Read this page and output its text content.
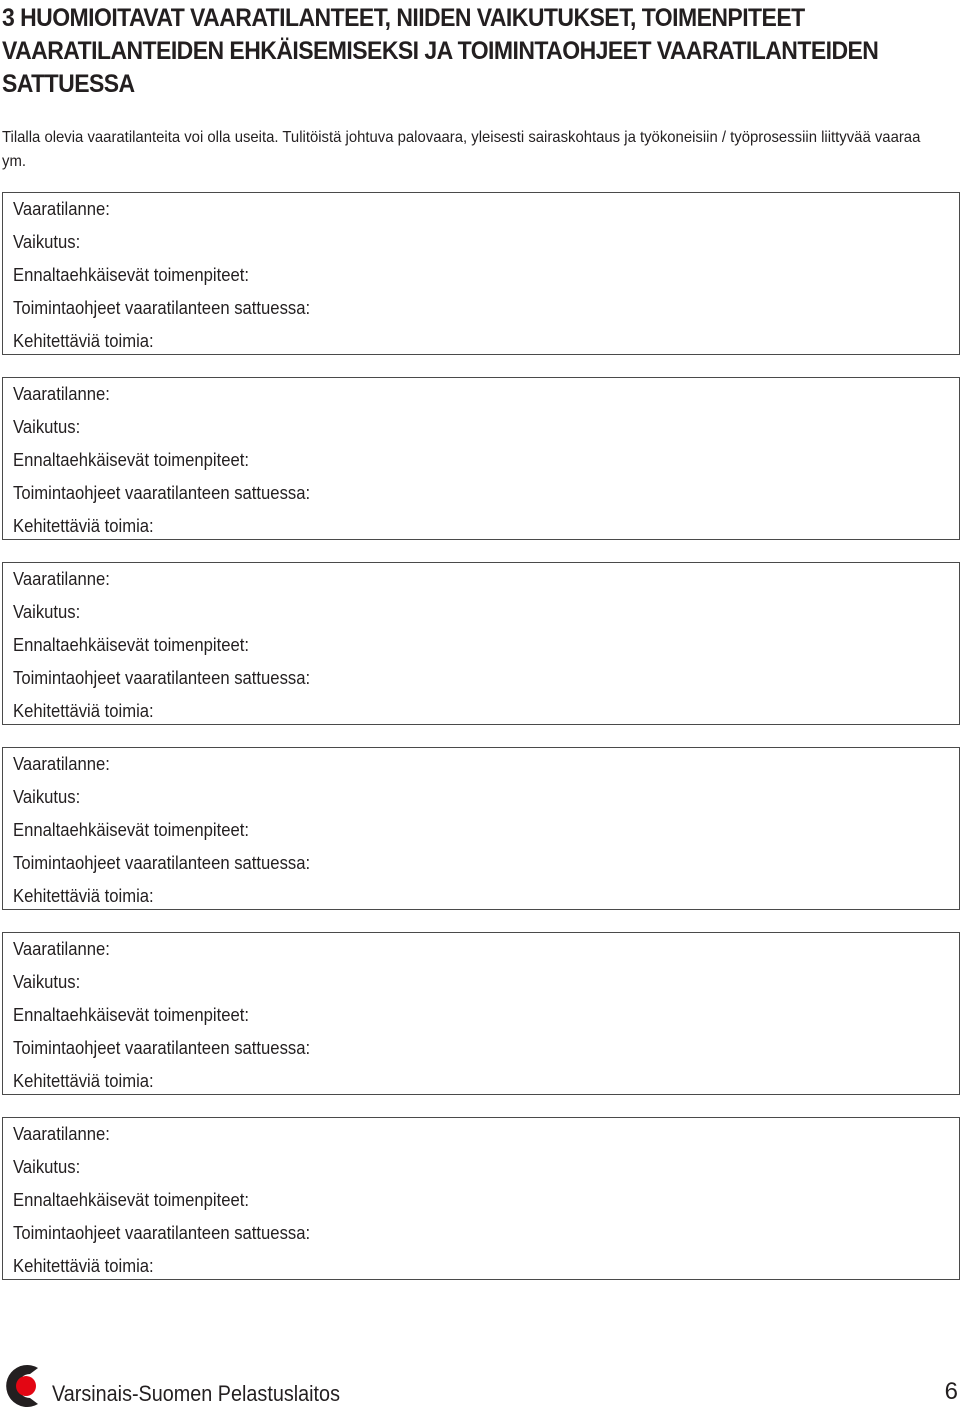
3 HUOMIOITAVAT VAARATILANTEET, NIIDEN VAIKUTUKSET, TOIMENPITEET
VAARATILANTEIDEN EHKÄISEMISEKSI JA TOIMINTAOHJEET VAARATILANTEIDEN
SATTUESSA

Tilalla olevia vaaratilanteita voi olla useita. Tulitöistä johtuva palovaara, yleisesti sairaskohtaus ja työkoneisiin / työprosessiin liittyvää vaaraa ym.

Vaaratilanne:
Vaikutus:
Ennaltaehkäisevät toimenpiteet:
Toimintaohjeet vaaratilanteen sattuessa:
Kehitettäviä toimia:
Vaaratilanne:
Vaikutus:
Ennaltaehkäisevät toimenpiteet:
Toimintaohjeet vaaratilanteen sattuessa:
Kehitettäviä toimia:
Vaaratilanne:
Vaikutus:
Ennaltaehkäisevät toimenpiteet:
Toimintaohjeet vaaratilanteen sattuessa:
Kehitettäviä toimia:
Vaaratilanne:
Vaikutus:
Ennaltaehkäisevät toimenpiteet:
Toimintaohjeet vaaratilanteen sattuessa:
Kehitettäviä toimia:
Vaaratilanne:
Vaikutus:
Ennaltaehkäisevät toimenpiteet:
Toimintaohjeet vaaratilanteen sattuessa:
Kehitettäviä toimia:
Vaaratilanne:
Vaikutus:
Ennaltaehkäisevät toimenpiteet:
Toimintaohjeet vaaratilanteen sattuessa:
Kehitettäviä toimia:
Varsinais-Suomen Pelastuslaitos	6
